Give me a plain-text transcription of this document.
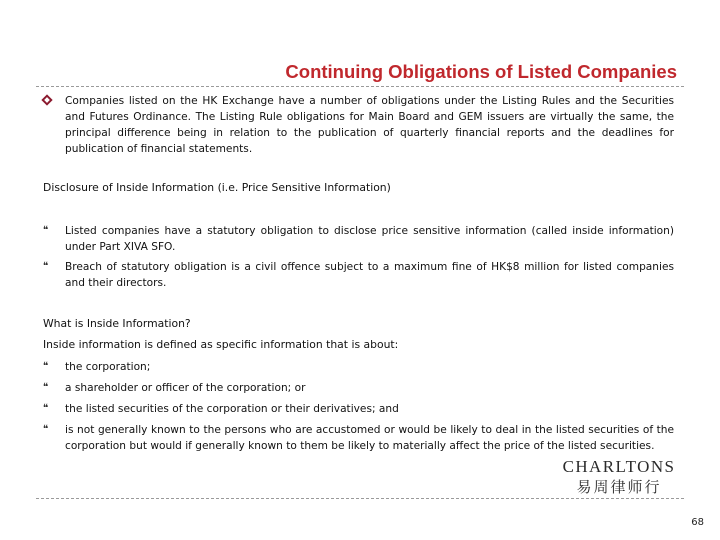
Continuing Obligations of Listed Companies

Companies listed on the HK Exchange have a number of obligations under the Listing Rules and the Securities and Futures Ordinance. The Listing Rule obligations for Main Board and GEM issuers are virtually the same, the principal difference being in relation to the publication of quarterly financial reports and the deadlines for publication of financial statements.

Disclosure of Inside Information (i.e. Price Sensitive Information)

❝ Listed companies have a statutory obligation to disclose price sensitive information (called inside information) under Part XIVA SFO.

❝ Breach of statutory obligation is a civil offence subject to a maximum fine of HK$8 million for listed companies and their directors.

What is Inside Information?

Inside information is defined as specific information that is about:

❝ the corporation;

❝ a shareholder or officer of the corporation; or

❝ the listed securities of the corporation or their derivatives; and

❝ is not generally known to the persons who are accustomed or would be likely to deal in the listed securities of the corporation but would if generally known to them be likely to materially affect the price of the listed securities.

CHARLTONS
易周律师行
68
